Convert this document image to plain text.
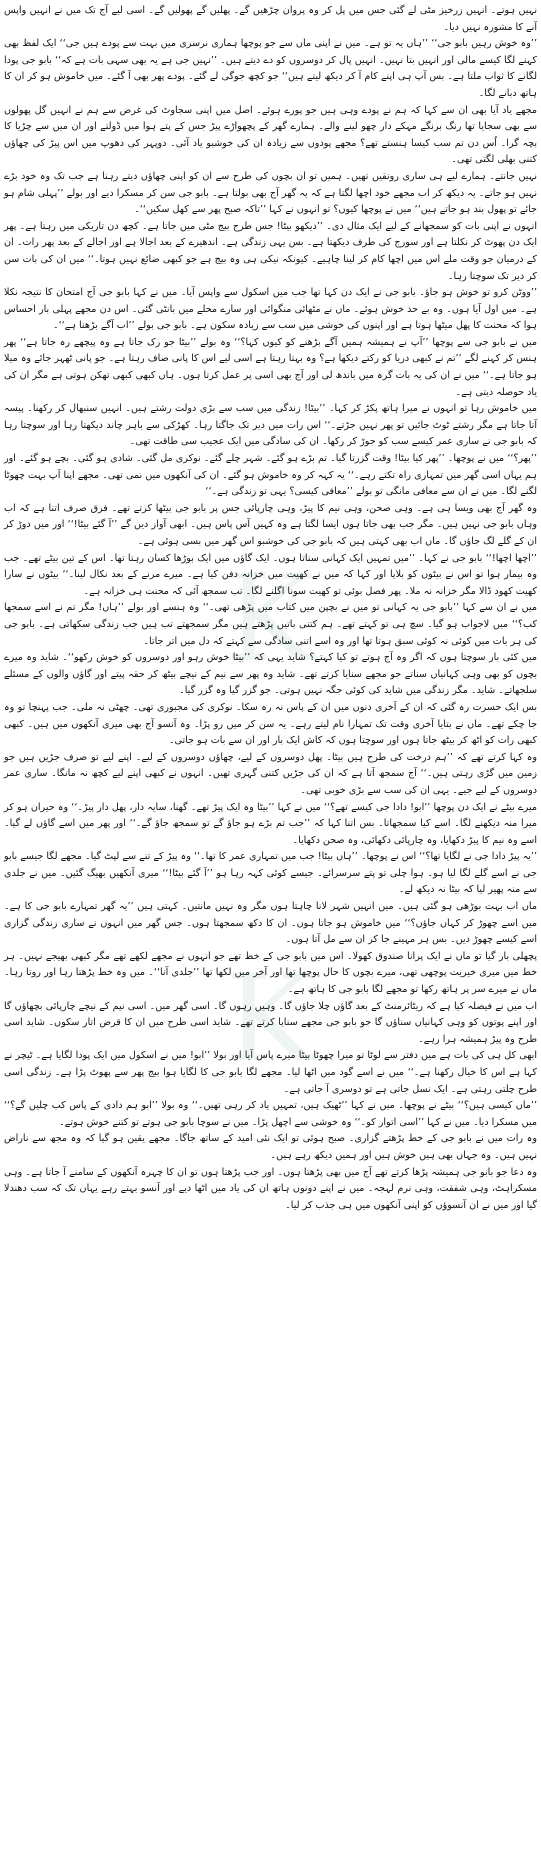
K
K

نہیں ہوتے۔ انہیں زرخیز مٹی لے گئی جس میں پل کر وہ پروان چڑھیں گے۔ پھلیں گے پھولیں گے۔ اسی لیے آج تک میں نے انہیں واپس آنے کا مشورہ نہیں دیا۔

’’وہ خوش رہیں بابو جی‘‘ ’’ہاں یہ تو ہے۔ میں نے اپنی ماں سے جو پوچھا ہماری نرسری میں بہت سے پودے ہیں جی‘‘ ایک لفظ بھی کہنے لگا کیسے مالی اور انہیں بتا نہیں۔ انہیں پال کر دوسروں کو دے دیتے ہیں۔ ’’نہیں جی ہے یہ بھی سہی بات ہے کہ‘‘ بابو جی پودا لگانے کا ثواب ملتا ہے۔ بس آپ ہی اپنے کام آ کر دیکھ لیتے ہیں‘‘ جو کچھ جوگی لے گئے۔ پودے پھر بھی آ گئے۔ میں خاموش ہو کر ان کا ہاتھ دبانے لگا۔

مجھے یاد آیا بھی ان سے کہا کہ ہم نے پودے وہی ہیں جو پورے ہوئے۔ اصل میں اپنی سجاوٹ کی غرض سے ہم نے انہیں گل پھولوں سے بھی سجایا تھا رنگ برنگے مہکے دار چھو لینے والے۔ ہمارے گھر کے پچھواڑے پیڑ جس کے پتے ہوا میں ڈولتے اور ان میں سے چڑیا کا بچہ گرا۔ اُس دن تم سب کیسا ہنستے تھے؟ مجھے پودوں سے زیادہ ان کی خوشبو یاد آئی۔ دوپہر کی دھوپ میں اس پیڑ کی چھاؤں کتنی بھلی لگتی تھی۔

نہیں جانتے۔ ہمارے لیے ہی ساری رونقیں تھیں۔ ہمیں تو ان بچوں کی طرح سے ان کو اپنی چھاؤں دیتے رہنا ہے جب تک وہ خود بڑے نہیں ہو جاتے۔ یہ دیکھ کر اب مجھے خود اچھا لگتا ہے کہ یہ گھر آج بھی بولتا ہے۔ بابو جی سن کر مسکرا دیے اور بولے ’’پہلی شام ہو جائے تو پھول بند ہو جاتے ہیں‘‘ میں نے پوچھا کیوں؟ تو انہوں نے کہا ’’تاکہ صبح پھر سے کھل سکیں‘‘۔

انہوں نے اپنی بات کو سمجھانے کے لیے ایک مثال دی۔ ’’دیکھو بیٹا! جس طرح بیج مٹی میں جاتا ہے۔ کچھ دن تاریکی میں رہتا ہے۔ پھر ایک دن پھوٹ کر نکلتا ہے اور سورج کی طرف دیکھتا ہے۔ بس یہی زندگی ہے۔ اندھیرے کے بعد اجالا ہے اور اجالے کے بعد پھر رات۔ ان کے درمیان جو وقت ملے اس میں اچھا کام کر لینا چاہیے۔ کیونکہ نیکی ہی وہ بیج ہے جو کبھی ضائع نہیں ہوتا۔‘‘ میں ان کی بات سن کر دیر تک سوچتا رہا۔

’’ووٹن کرو تو خوش ہو جاؤ۔ بابو جی نے ایک دن کہا تھا جب میں اسکول سے واپس آیا۔ میں نے کہا بابو جی آج امتحان کا نتیجہ نکلا ہے۔ میں اول آیا ہوں۔ وہ بے حد خوش ہوئے۔ ماں نے مٹھائی منگوائی اور سارے محلے میں بانٹی گئی۔ اس دن مجھے پہلی بار احساس ہوا کہ محنت کا پھل میٹھا ہوتا ہے اور اپنوں کی خوشی میں سب سے زیادہ سکون ہے۔ بابو جی بولے ’’اب آگے بڑھنا ہے‘‘۔

میں نے بابو جی سے پوچھا ’’آپ نے ہمیشہ ہمیں آگے بڑھنے کو کیوں کہا؟‘‘ وہ بولے ’’بیٹا جو رک جاتا ہے وہ پیچھے رہ جاتا ہے‘‘ پھر ہنس کر کہنے لگے ’’تم نے کبھی دریا کو رکتے دیکھا ہے؟ وہ بہتا رہتا ہے اسی لیے اس کا پانی صاف رہتا ہے۔ جو پانی ٹھہر جائے وہ میلا ہو جاتا ہے۔‘‘ میں نے ان کی یہ بات گرہ میں باندھ لی اور آج بھی اسی پر عمل کرتا ہوں۔ ہاں کبھی کبھی تھکن ہوتی ہے مگر ان کی یاد حوصلہ دیتی ہے۔

میں خاموش رہا تو انہوں نے میرا ہاتھ پکڑ کر کہا۔ ’’بیٹا! زندگی میں سب سے بڑی دولت رشتے ہیں۔ انہیں سنبھال کر رکھنا۔ پیسہ آتا جاتا ہے مگر رشتے ٹوٹ جائیں تو پھر نہیں جڑتے۔‘‘ اس رات میں دیر تک جاگتا رہا۔ کھڑکی سے باہر چاند دیکھتا رہا اور سوچتا رہا کہ بابو جی نے ساری عمر کیسے سب کو جوڑ کر رکھا۔ ان کی سادگی میں ایک عجیب سی طاقت تھی۔

’’پھر؟‘‘ میں نے پوچھا۔ ’’پھر کیا بیٹا! وقت گزرتا گیا۔ تم بڑے ہو گئے۔ شہر چلے گئے۔ نوکری مل گئی۔ شادی ہو گئی۔ بچے ہو گئے۔ اور ہم یہاں اسی گھر میں تمہاری راہ تکتے رہے۔‘‘ یہ کہہ کر وہ خاموش ہو گئے۔ ان کی آنکھوں میں نمی تھی۔ مجھے اپنا آپ بہت چھوٹا لگنے لگا۔ میں نے ان سے معافی مانگی تو بولے ’’معافی کیسی؟ یہی تو زندگی ہے۔‘‘

وہ گھر آج بھی ویسا ہی ہے۔ وہی صحن، وہی نیم کا پیڑ، وہی چارپائی جس پر بابو جی بیٹھا کرتے تھے۔ فرق صرف اتنا ہے کہ اب وہاں بابو جی نہیں ہیں۔ مگر جب بھی جاتا ہوں ایسا لگتا ہے وہ کہیں آس پاس ہیں۔ ابھی آواز دیں گے ’’آ گئے بیٹا!‘‘ اور میں دوڑ کر ان کے گلے لگ جاؤں گا۔ ماں اب بھی کہتی ہیں کہ بابو جی کی خوشبو اس گھر میں بسی ہوئی ہے۔

’’اچھا اچھا!‘‘ بابو جی نے کہا۔ ’’میں تمہیں ایک کہانی سناتا ہوں۔ ایک گاؤں میں ایک بوڑھا کسان رہتا تھا۔ اس کے تین بیٹے تھے۔ جب وہ بیمار ہوا تو اس نے بیٹوں کو بلایا اور کہا کہ میں نے کھیت میں خزانہ دفن کیا ہے۔ میرے مرنے کے بعد نکال لینا۔‘‘ بیٹوں نے سارا کھیت کھود ڈالا مگر خزانہ نہ ملا۔ پھر فصل بوئی تو کھیت سونا اگلنے لگا۔ تب سمجھ آئی کہ محنت ہی خزانہ ہے۔

میں نے ان سے کہا ’’بابو جی یہ کہانی تو میں نے بچپن میں کتاب میں پڑھی تھی۔‘‘ وہ ہنسے اور بولے ’’ہاں! مگر تم نے اسے سمجھا کب؟‘‘ میں لاجواب ہو گیا۔ سچ ہی تو کہتے تھے۔ ہم کتنی باتیں پڑھتے ہیں مگر سمجھتے تب ہیں جب زندگی سکھاتی ہے۔ بابو جی کی ہر بات میں کوئی نہ کوئی سبق ہوتا تھا اور وہ اسے اتنی سادگی سے کہتے کہ دل میں اتر جاتا۔

میں کئی بار سوچتا ہوں کہ اگر وہ آج ہوتے تو کیا کہتے؟ شاید یہی کہ ’’بیٹا خوش رہو اور دوسروں کو خوش رکھو‘‘۔ شاید وہ میرے بچوں کو بھی وہی کہانیاں سناتے جو مجھے سنایا کرتے تھے۔ شاید وہ پھر سے نیم کے نیچے بیٹھ کر حقہ پیتے اور گاؤں والوں کے مسئلے سلجھاتے۔ شاید۔ مگر زندگی میں شاید کی کوئی جگہ نہیں ہوتی۔ جو گزر گیا وہ گزر گیا۔

بس ایک حسرت رہ گئی کہ ان کے آخری دنوں میں ان کے پاس نہ رہ سکا۔ نوکری کی مجبوری تھی۔ چھٹی نہ ملی۔ جب پہنچا تو وہ جا چکے تھے۔ ماں نے بتایا آخری وقت تک تمہارا نام لیتے رہے۔ یہ سن کر میں رو پڑا۔ وہ آنسو آج بھی میری آنکھوں میں ہیں۔ کبھی کبھی رات کو اٹھ کر بیٹھ جاتا ہوں اور سوچتا ہوں کہ کاش ایک بار اور ان سے بات ہو جاتی۔

وہ کہا کرتے تھے کہ ’’ہم درخت کی طرح ہیں بیٹا۔ پھل دوسروں کے لیے، چھاؤں دوسروں کے لیے۔ اپنے لیے تو صرف جڑیں ہیں جو زمین میں گڑی رہتی ہیں۔‘‘ آج سمجھ آتا ہے کہ ان کی جڑیں کتنی گہری تھیں۔ انہوں نے کبھی اپنے لیے کچھ نہ مانگا۔ ساری عمر دوسروں کے لیے جیے۔ یہی ان کی سب سے بڑی خوبی تھی۔

میرے بیٹے نے ایک دن پوچھا ’’ابو! دادا جی کیسے تھے؟‘‘ میں نے کہا ’’بیٹا وہ ایک پیڑ تھے۔ گھنا، سایہ دار، پھل دار پیڑ۔‘‘ وہ حیران ہو کر میرا منہ دیکھنے لگا۔ اسے کیا سمجھاتا۔ بس اتنا کہا کہ ’’جب تم بڑے ہو جاؤ گے تو سمجھ جاؤ گے۔‘‘ اور پھر میں اسے گاؤں لے گیا۔ اسے وہ نیم کا پیڑ دکھایا، وہ چارپائی دکھائی، وہ صحن دکھایا۔

’’یہ پیڑ دادا جی نے لگایا تھا؟‘‘ اس نے پوچھا۔ ’’ہاں بیٹا! جب میں تمہاری عمر کا تھا۔‘‘ وہ پیڑ کے تنے سے لپٹ گیا۔ مجھے لگا جیسے بابو جی نے اسے گلے لگا لیا ہو۔ ہوا چلی تو پتے سرسرائے۔ جیسے کوئی کہہ رہا ہو ’’آ گئے بیٹا!‘‘ میری آنکھیں بھیگ گئیں۔ میں نے جلدی سے منہ پھیر لیا کہ بیٹا نہ دیکھ لے۔

ماں اب بہت بوڑھی ہو گئی ہیں۔ میں انہیں شہر لانا چاہتا ہوں مگر وہ نہیں مانتیں۔ کہتی ہیں ’’یہ گھر تمہارے بابو جی کا ہے۔ میں اسے چھوڑ کر کہاں جاؤں؟‘‘ میں خاموش ہو جاتا ہوں۔ ان کا دکھ سمجھتا ہوں۔ جس گھر میں انہوں نے ساری زندگی گزاری اسے کیسے چھوڑ دیں۔ بس ہر مہینے جا کر ان سے مل آتا ہوں۔

پچھلی بار گیا تو ماں نے ایک پرانا صندوق کھولا۔ اس میں بابو جی کے خط تھے جو انہوں نے مجھے لکھے تھے مگر کبھی بھیجے نہیں۔ ہر خط میں میری خیریت پوچھی تھی، میرے بچوں کا حال پوچھا تھا اور آخر میں لکھا تھا ’’جلدی آنا‘‘۔ میں وہ خط پڑھتا رہا اور روتا رہا۔ ماں نے میرے سر پر ہاتھ رکھا تو مجھے لگا بابو جی کا ہاتھ ہے۔

اب میں نے فیصلہ کیا ہے کہ ریٹائرمنٹ کے بعد گاؤں چلا جاؤں گا۔ وہیں رہوں گا۔ اسی گھر میں۔ اسی نیم کے نیچے چارپائی بچھاؤں گا اور اپنے پوتوں کو وہی کہانیاں سناؤں گا جو بابو جی مجھے سنایا کرتے تھے۔ شاید اسی طرح میں ان کا قرض اتار سکوں۔ شاید اسی طرح وہ پیڑ ہمیشہ ہرا رہے۔

ابھی کل ہی کی بات ہے میں دفتر سے لوٹا تو میرا چھوٹا بیٹا میرے پاس آیا اور بولا ’’ابو! میں نے اسکول میں ایک پودا لگایا ہے۔ ٹیچر نے کہا ہے اس کا خیال رکھنا ہے۔‘‘ میں نے اسے گود میں اٹھا لیا۔ مجھے لگا بابو جی کا لگایا ہوا بیج پھر سے پھوٹ پڑا ہے۔ زندگی اسی طرح چلتی رہتی ہے۔ ایک نسل جاتی ہے تو دوسری آ جاتی ہے۔

’’ماں کیسی ہیں؟‘‘ بیٹے نے پوچھا۔ میں نے کہا ’’ٹھیک ہیں، تمہیں یاد کر رہی تھیں۔‘‘ وہ بولا ’’ابو ہم دادی کے پاس کب چلیں گے؟‘‘ میں مسکرا دیا۔ میں نے کہا ’’اسی اتوار کو۔‘‘ وہ خوشی سے اچھل پڑا۔ میں نے سوچا بابو جی ہوتے تو کتنے خوش ہوتے۔

وہ رات میں نے بابو جی کے خط پڑھتے گزاری۔ صبح ہوئی تو ایک نئی امید کے ساتھ جاگا۔ مجھے یقین ہو گیا کہ وہ مجھ سے ناراض نہیں ہیں۔ وہ جہاں بھی ہیں خوش ہیں اور ہمیں دیکھ رہے ہیں۔

وہ دعا جو بابو جی ہمیشہ پڑھا کرتے تھے آج میں بھی پڑھتا ہوں۔ اور جب پڑھتا ہوں تو ان کا چہرہ آنکھوں کے سامنے آ جاتا ہے۔ وہی مسکراہٹ، وہی شفقت، وہی نرم لہجہ۔ میں نے اپنے دونوں ہاتھ ان کی یاد میں اٹھا دیے اور آنسو بہتے رہے یہاں تک کہ سب دھندلا گیا اور میں نے ان آنسوؤں کو اپنی آنکھوں میں ہی جذب کر لیا۔
